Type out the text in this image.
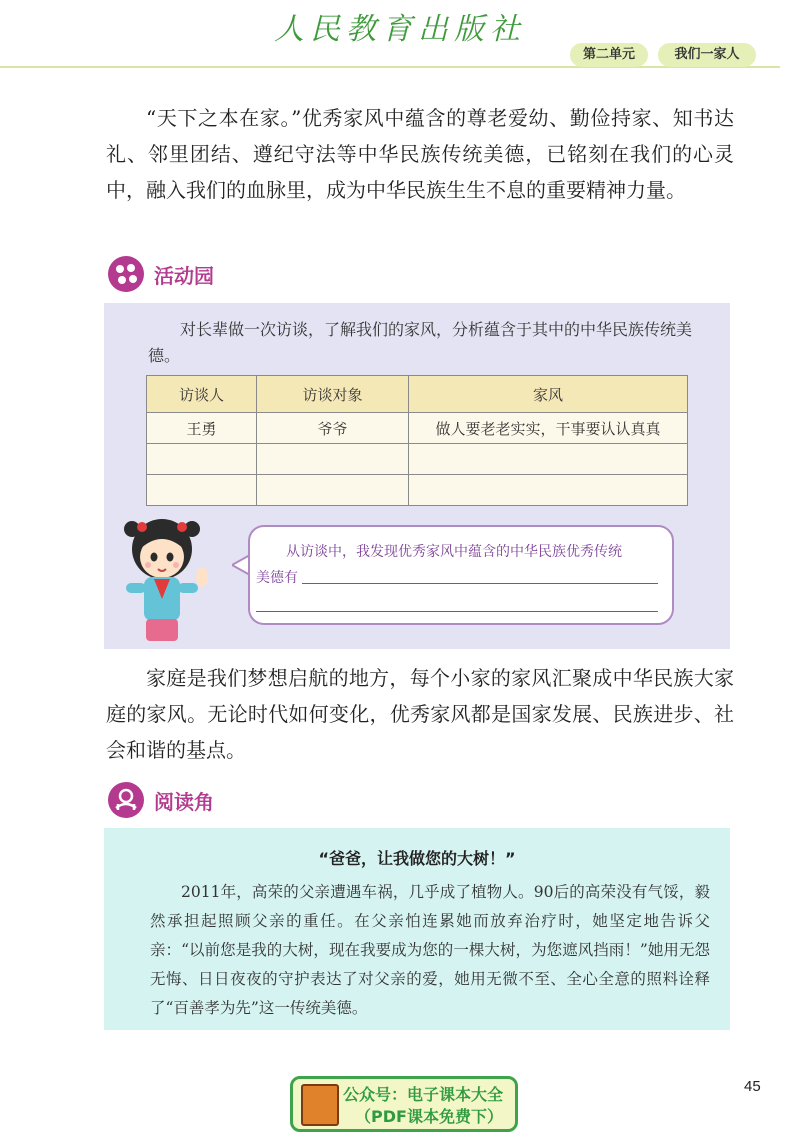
人民教育出版社
第二单元	我们一家人
“天下之本在家。”优秀家风中蕴含的尊老爱幼、勤俭持家、知书达礼、邻里团结、遵纪守法等中华民族传统美德，已铭刻在我们的心灵中，融入我们的血脉里，成为中华民族生生不息的重要精神力量。
活动园
对长辈做一次访谈，了解我们的家风，分析蕴含于其中的中华民族传统美德。
访谈人	访谈对象	家风
王勇	爷爷	做人要老老实实，干事要认认真真

从访谈中，我发现优秀家风中蕴含的中华民族优秀传统
美德有
家庭是我们梦想启航的地方，每个小家的家风汇聚成中华民族大家庭的家风。无论时代如何变化，优秀家风都是国家发展、民族进步、社会和谐的基点。
阅读角
“爸爸，让我做您的大树！”
2011年，高荣的父亲遭遇车祸，几乎成了植物人。90后的高荣没有气馁，毅然承担起照顾父亲的重任。在父亲怕连累她而放弃治疗时，她坚定地告诉父亲：“以前您是我的大树，现在我要成为您的一棵大树，为您遮风挡雨！”她用无怨无悔、日日夜夜的守护表达了对父亲的爱，她用无微不至、全心全意的照料诠释了“百善孝为先”这一传统美德。
45
公众号：电子课本大全
（PDF课本免费下）
